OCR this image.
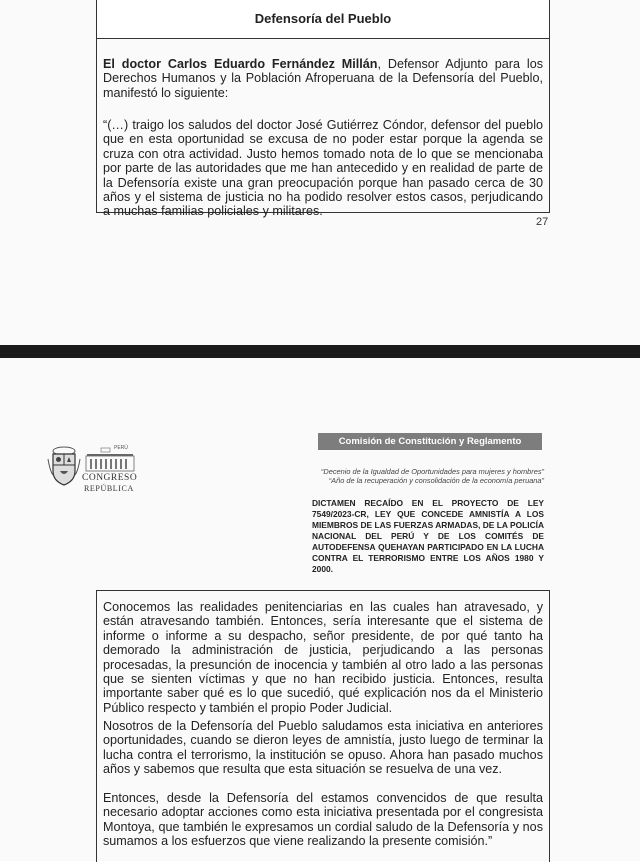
Defensoría del Pueblo
El doctor Carlos Eduardo Fernández Millán, Defensor Adjunto para los Derechos Humanos y la Población Afroperuana de la Defensoría del Pueblo, manifestó lo siguiente:
“(…) traigo los saludos del doctor José Gutiérrez Cóndor, defensor del pueblo que en esta oportunidad se excusa de no poder estar porque la agenda se cruza con otra actividad. Justo hemos tomado nota de lo que se mencionaba por parte de las autoridades que me han antecedido y en realidad de parte de la Defensoría existe una gran preocupación porque han pasado cerca de 30 años y el sistema de justicia no ha podido resolver estos casos, perjudicando a muchas familias policiales y militares.
27
PERÚ
CONGRESO
REPÚBLICA
Comisión de Constitución y Reglamento
“Decenio de la Igualdad de Oportunidades para mujeres y hombres”
“Año de la recuperación y consolidación de la economía peruana”
DICTAMEN RECAÍDO EN EL PROYECTO DE LEY 7549/2023-CR, LEY QUE CONCEDE AMNISTÍA A LOS MIEMBROS DE LAS FUERZAS ARMADAS, DE LA POLICÍA NACIONAL DEL PERÚ Y DE LOS COMITÉS DE AUTODEFENSA QUEHAYAN PARTICIPADO EN LA LUCHA CONTRA EL TERRORISMO ENTRE LOS AÑOS 1980 Y 2000.
Conocemos las realidades penitenciarias en las cuales han atravesado, y están atravesando también. Entonces, sería interesante que el sistema de informe o informe a su despacho, señor presidente, de por qué tanto ha demorado la administración de justicia, perjudicando a las personas procesadas, la presunción de inocencia y también al otro lado a las personas que se sienten víctimas y que no han recibido justicia. Entonces, resulta importante saber qué es lo que sucedió, qué explicación nos da el Ministerio Público respecto y también el propio Poder Judicial.
Nosotros de la Defensoría del Pueblo saludamos esta iniciativa en anteriores oportunidades, cuando se dieron leyes de amnistía, justo luego de terminar la lucha contra el terrorismo, la institución se opuso. Ahora han pasado muchos años y sabemos que resulta que esta situación se resuelva de una vez.
Entonces, desde la Defensoría del estamos convencidos de que resulta necesario adoptar acciones como esta iniciativa presentada por el congresista Montoya, que también le expresamos un cordial saludo de la Defensoría y nos sumamos a los esfuerzos que viene realizando la presente comisión.”
